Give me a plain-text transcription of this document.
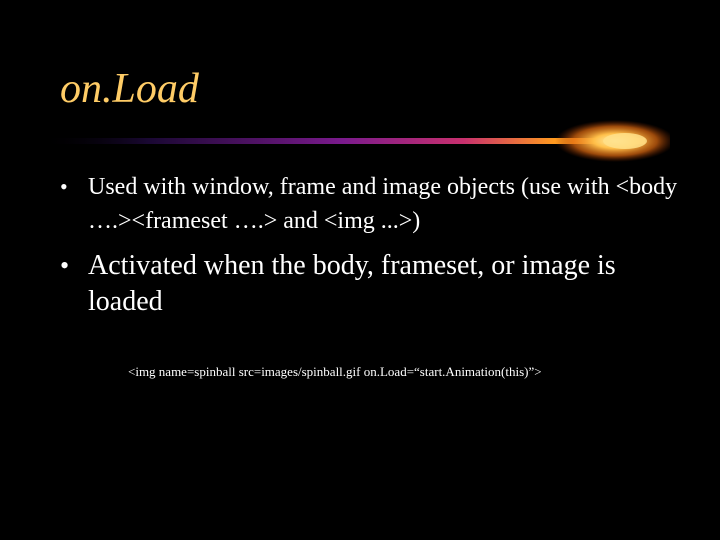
on.Load
• Used with window, frame and image objects (use with <body ….><frameset ….> and <img ...>)
• Activated when the body, frameset, or image is loaded

<img name=spinball src=images/spinball.gif on.Load=“start.Animation(this)”>
